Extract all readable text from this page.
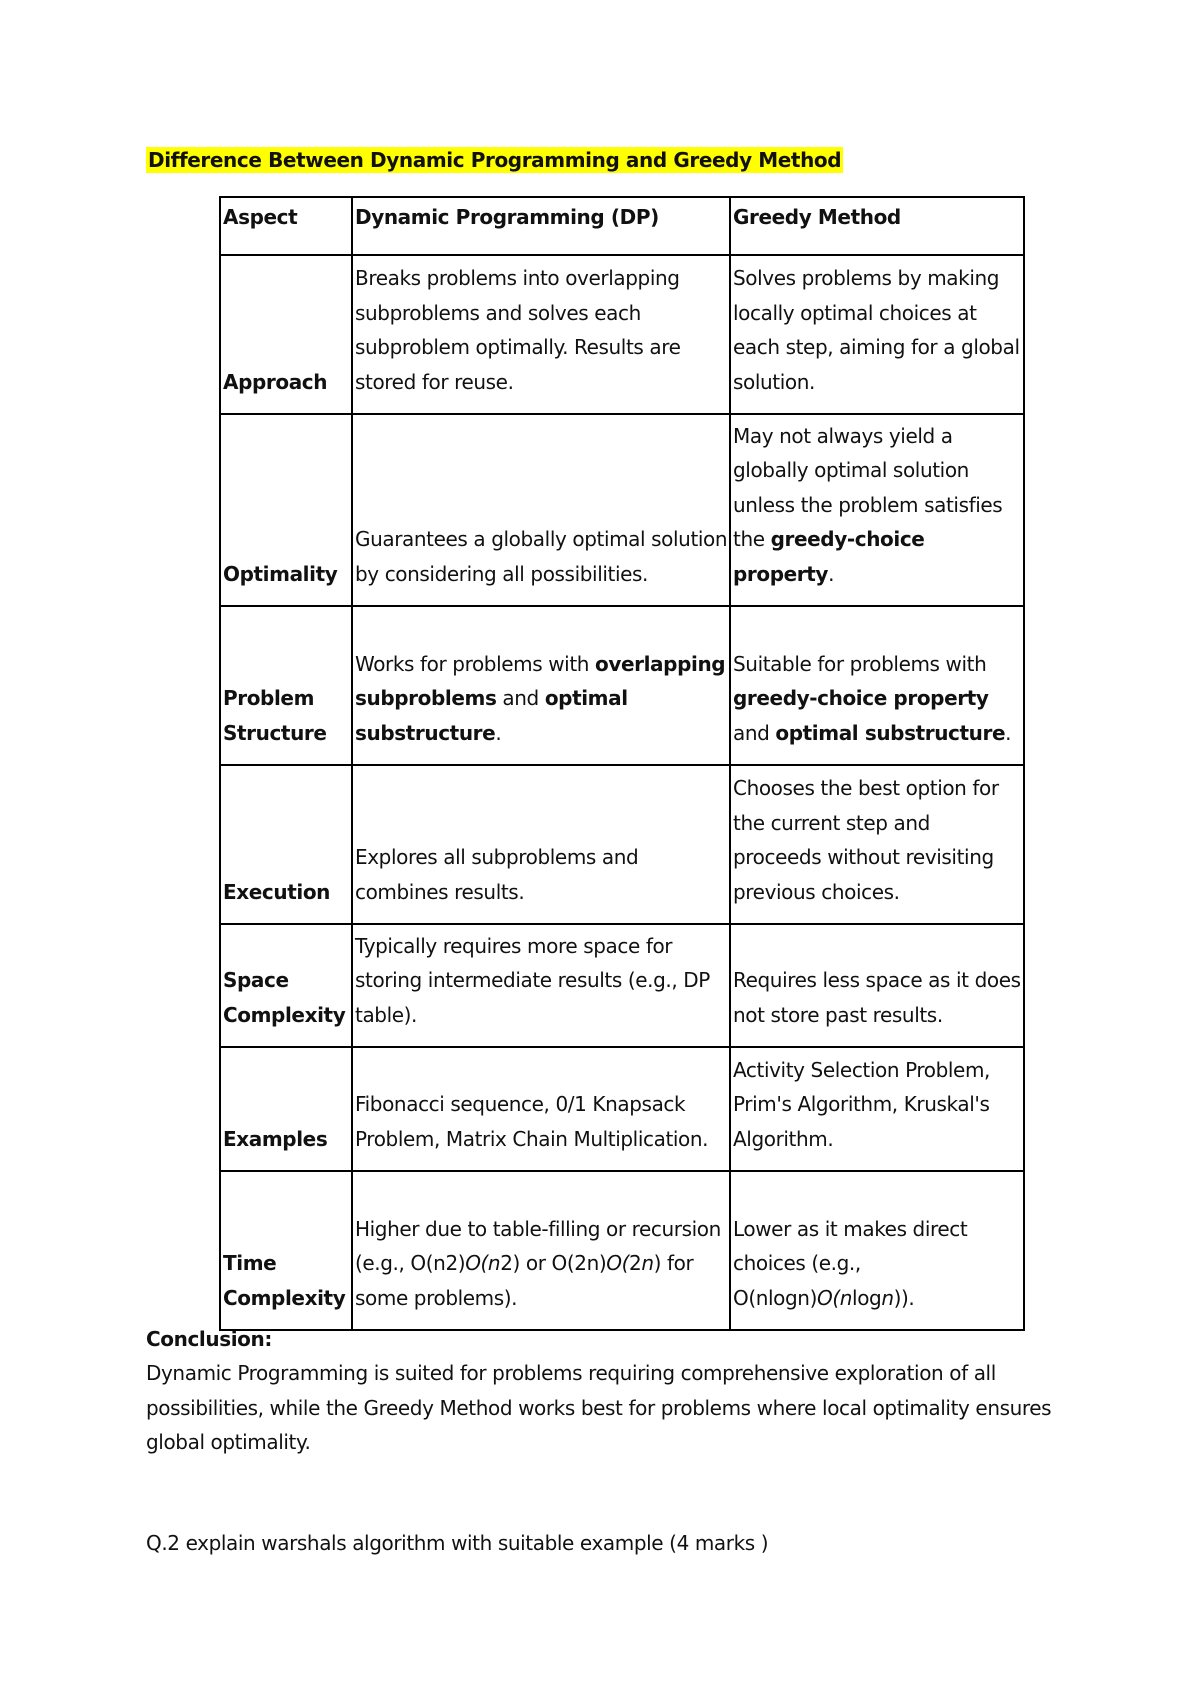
Difference Between Dynamic Programming and Greedy Method
Aspect	Dynamic Programming (DP)	Greedy Method
Approach	Breaks problems into overlapping subproblems and solves each subproblem optimally. Results are stored for reuse.	Solves problems by making locally optimal choices at each step, aiming for a global solution.
Optimality	Guarantees a globally optimal solution by considering all possibilities.	May not always yield a globally optimal solution unless the problem satisfies the greedy-choice property.
Problem Structure	Works for problems with overlapping subproblems and optimal substructure.	Suitable for problems with greedy-choice property and optimal substructure.
Execution	Explores all subproblems and combines results.	Chooses the best option for the current step and proceeds without revisiting previous choices.
Space Complexity	Typically requires more space for storing intermediate results (e.g., DP table).	Requires less space as it does not store past results.
Examples	Fibonacci sequence, 0/1 Knapsack Problem, Matrix Chain Multiplication.	Activity Selection Problem, Prim's Algorithm, Kruskal's Algorithm.
Time Complexity	Higher due to table-filling or recursion (e.g., O(n2)O(n2) or O(2n)O(2n) for some problems).	Lower as it makes direct choices (e.g., O(nlog⁡n)O(nlogn)).
Conclusion:
Dynamic Programming is suited for problems requiring comprehensive exploration of all possibilities, while the Greedy Method works best for problems where local optimality ensures global optimality.
Q.2 explain warshals algorithm with suitable example (4 marks )
